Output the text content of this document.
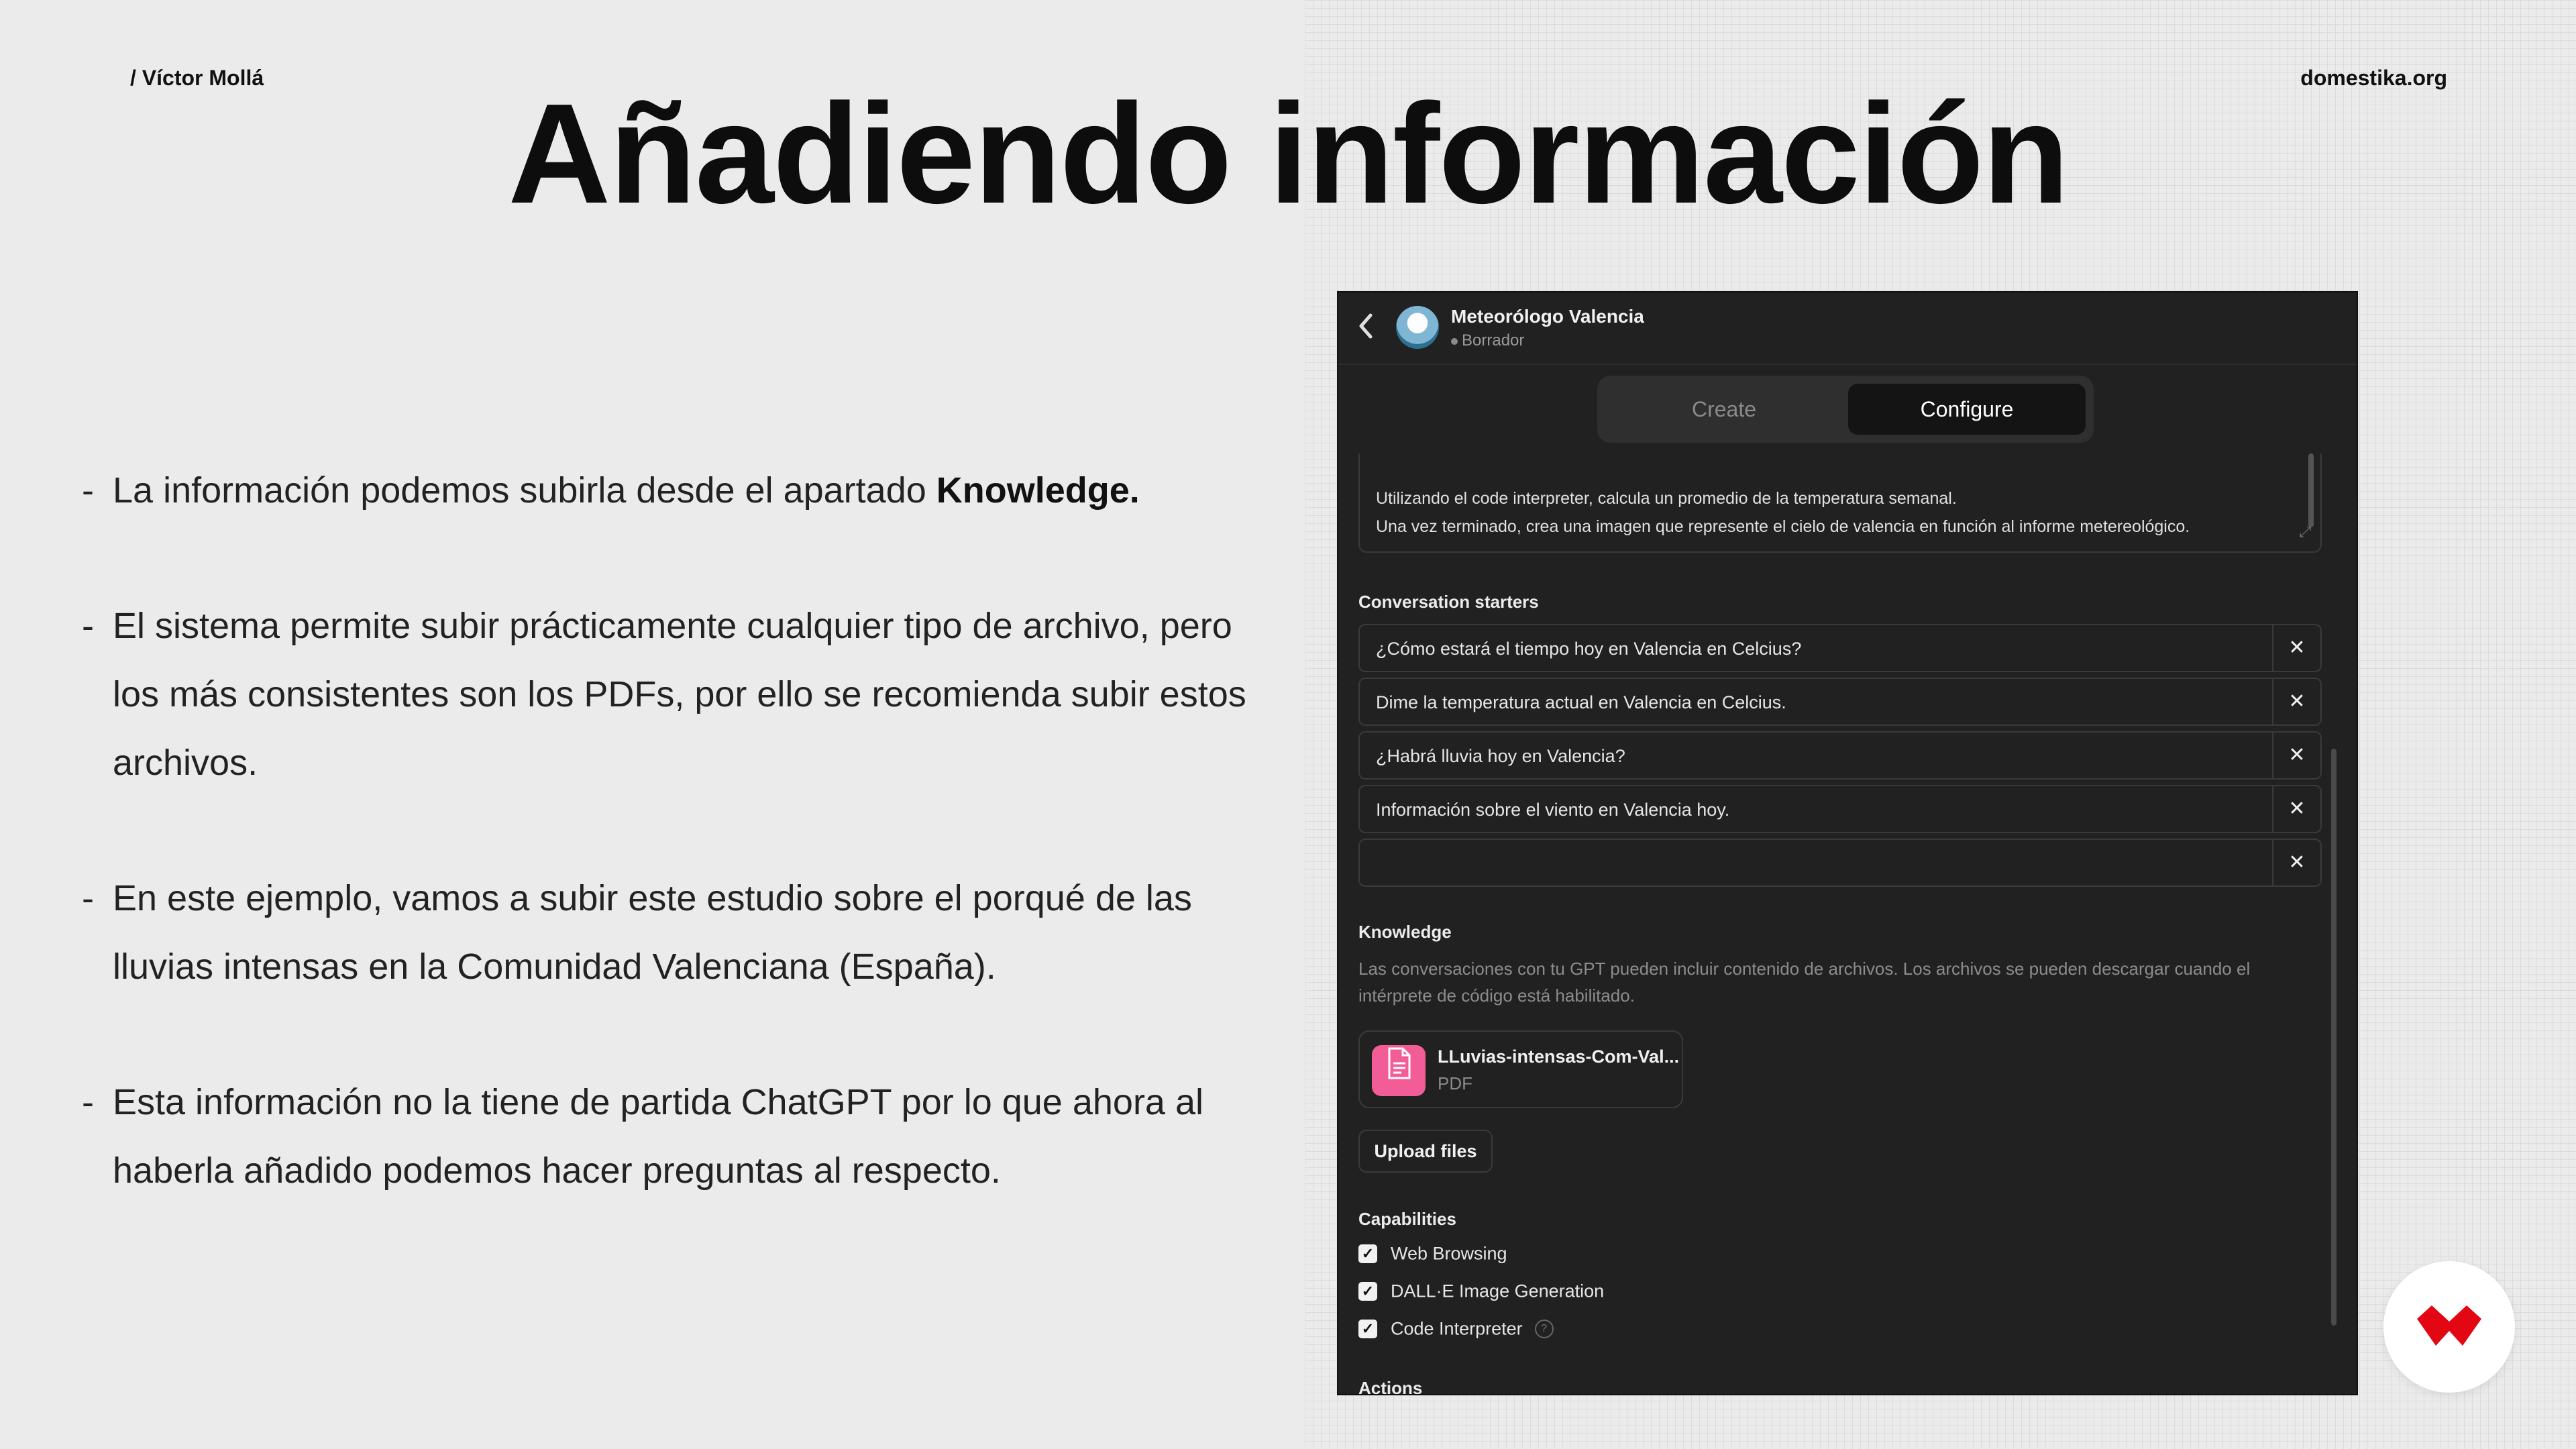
/ Víctor Mollá	domestika.org
Añadiendo información
- La información podemos subirla desde el apartado Knowledge.
- El sistema permite subir prácticamente cualquier tipo de archivo, pero los más consistentes son los PDFs, por ello se recomienda subir estos archivos.
- En este ejemplo, vamos a subir este estudio sobre el porqué de las lluvias intensas en la Comunidad Valenciana (España).
- Esta información no la tiene de partida ChatGPT por lo que ahora al haberla añadido podemos hacer preguntas al respecto.
Meteorólogo Valencia
Borrador
Create	Configure
Utilizando el code interpreter, calcula un promedio de la temperatura semanal.
Una vez terminado, crea una imagen que represente el cielo de valencia en función al informe metereológico.	⤢
Conversation starters
¿Cómo estará el tiempo hoy en Valencia en Celcius?	✕
Dime la temperatura actual en Valencia en Celcius.	✕
¿Habrá lluvia hoy en Valencia?	✕
Información sobre el viento en Valencia hoy.	✕
✕
Knowledge
Las conversaciones con tu GPT pueden incluir contenido de archivos. Los archivos se pueden descargar cuando el intérprete de código está habilitado.
LLuvias-intensas-Com-Val...
PDF
Upload files
Capabilities
✓ Web Browsing
✓ DALL·E Image Generation
✓ Code Interpreter ?
Actions
